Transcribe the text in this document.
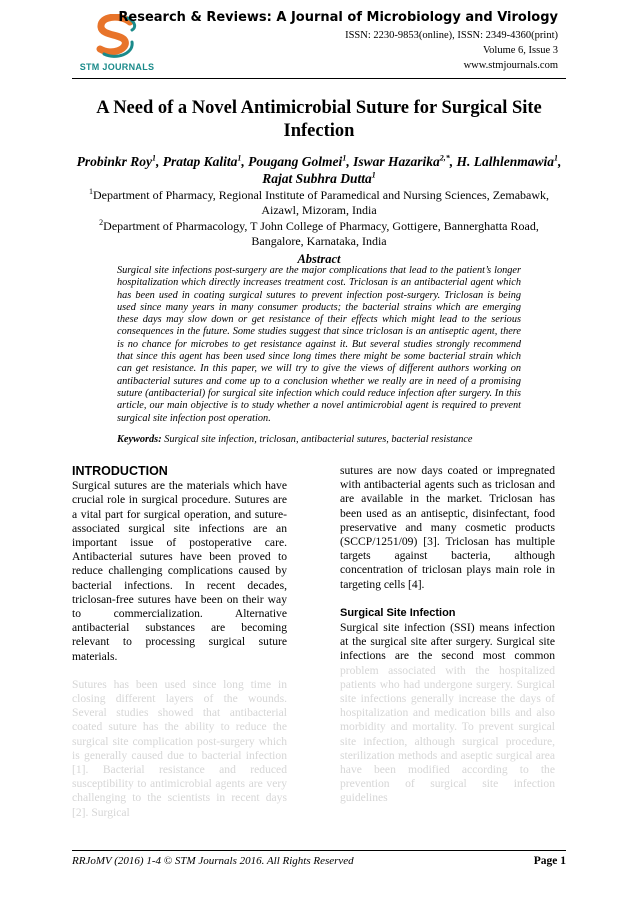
STM JOURNALS
Research & Reviews: A Journal of Microbiology and Virology
ISSN: 2230-9853(online), ISSN: 2349-4360(print)
Volume 6, Issue 3
www.stmjournals.com
A Need of a Novel Antimicrobial Suture for Surgical Site Infection
Probinkr Roy$^1$, Pratap Kalita$^1$, Pougang Golmei$^1$, Iswar Hazarika$^{2,*}$, H. Lalhlenmawia$^1$, Rajat Subhra Dutta$^1$
$^1$Department of Pharmacy, Regional Institute of Paramedical and Nursing Sciences, Zemabawk, Aizawl, Mizoram, India
$^2$Department of Pharmacology, T John College of Pharmacy, Gottigere, Bannerghatta Road, Bangalore, Karnataka, India
Abstract
Surgical site infections post-surgery are the major complications that lead to the patient’s longer hospitalization which directly increases treatment cost. Triclosan is an antibacterial agent which has been used in coating surgical sutures to prevent infection post-surgery. Triclosan is being used since many years in many consumer products; the bacterial strains which are emerging these days may slow down or get resistance of their effects which might lead to the serious consequences in the future. Some studies suggest that since triclosan is an antiseptic agent, there is no chance for microbes to get resistance against it. But several studies strongly recommend that since this agent has been used since long times there might be some bacterial strain which can get resistance. In this paper, we will try to give the views of different authors working on antibacterial sutures and come up to a conclusion whether we really are in need of a promising suture (antibacterial) for surgical site infection which could reduce infection after surgery. In this article, our main objective is to study whether a novel antimicrobial agent is required to prevent surgical site infection post operation.
Keywords: Surgical site infection, triclosan, antibacterial sutures, bacterial resistance
INTRODUCTION

Surgical sutures are the materials which have crucial role in surgical procedure. Sutures are a vital part for surgical operation, and suture-associated surgical site infections are an important issue of postoperative care. Antibacterial sutures have been proved to reduce challenging complications caused by bacterial infections. In recent decades, triclosan-free sutures have been on their way to commercialization. Alternative antibacterial substances are becoming relevant to processing surgical suture materials.

Sutures has been used since long time in closing different layers of the wounds. Several studies showed that antibacterial coated suture has the ability to reduce the surgical site complication post-surgery which is generally caused due to bacterial infection [1]. Bacterial resistance and reduced susceptibility to antimicrobial agents are very challenging to the scientists in recent days [2]. Surgical

sutures are now days coated or impregnated with antibacterial agents such as triclosan and are available in the market. Triclosan has been used as an antiseptic, disinfectant, food preservative and many cosmetic products (SCCP/1251/09) [3]. Triclosan has multiple targets against bacteria, although concentration of triclosan plays main role in targeting cells [4].

Surgical Site Infection

Surgical site infection (SSI) means infection at the surgical site after surgery. Surgical site infections are the second most common problem associated with the hospitalized patients who had undergone surgery. Surgical site infections generally increase the days of hospitalization and medication bills and also morbidity and mortality. To prevent surgical site infection, although surgical procedure, sterilization methods and aseptic surgical area have been modified according to the prevention of surgical site infection guidelines

RRJoMV (2016) 1-4 © STM Journals 2016. All Rights Reserved	Page 1
